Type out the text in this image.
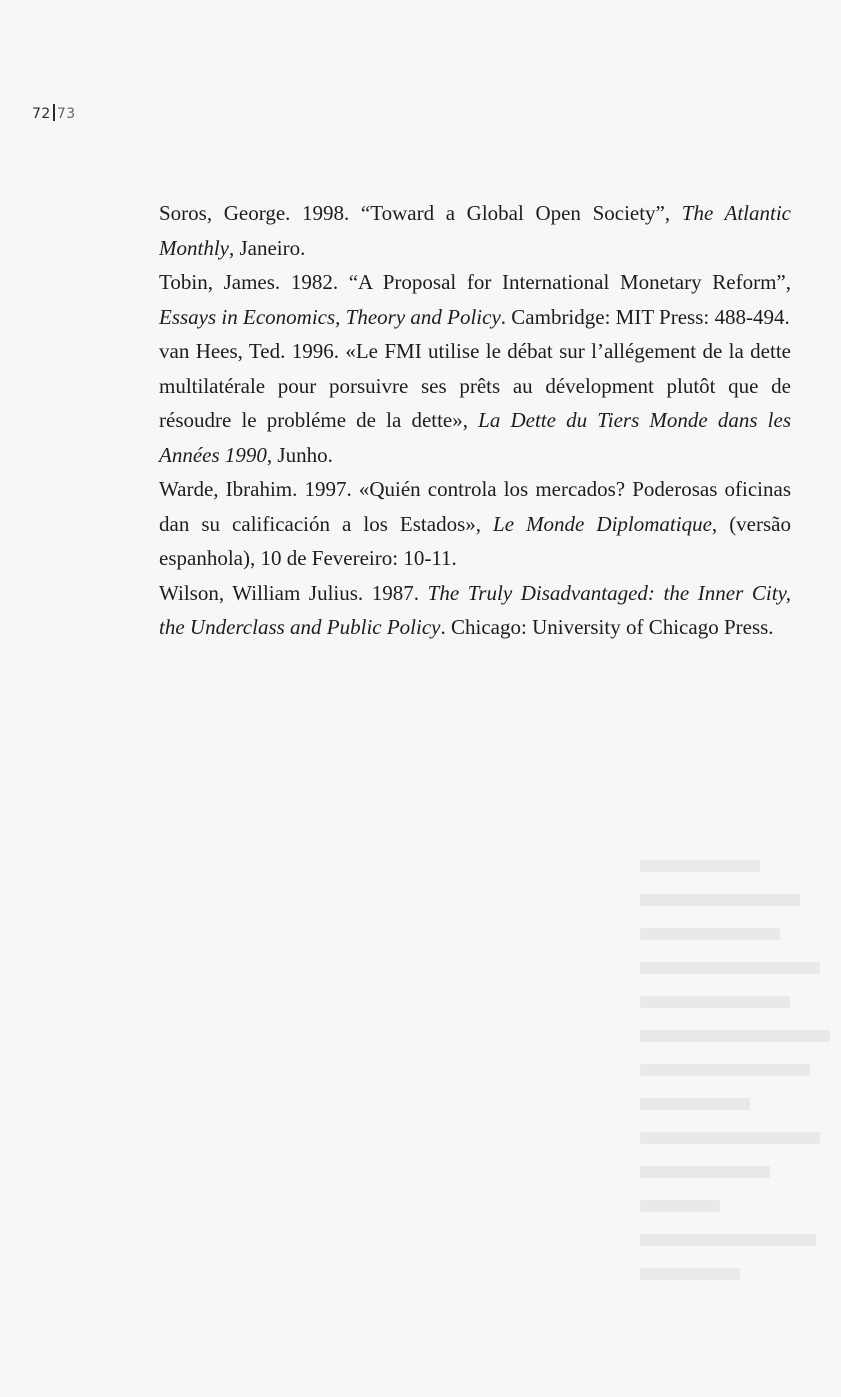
72 73

Soros, George. 1998. “Toward a Global Open Society”, The Atlantic Monthly, Janeiro.

Tobin, James. 1982. “A Proposal for International Monetary Reform”, Essays in Economics, Theory and Policy. Cambridge: MIT Press: 488-494.

van Hees, Ted. 1996. «Le FMI utilise le débat sur l’allégement de la dette multilatérale pour porsuivre ses prêts au dévelopment plutôt que de résoudre le probléme de la dette», La Dette du Tiers Monde dans les Années 1990, Junho.

Warde, Ibrahim. 1997. «Quién controla los mercados? Poderosas oficinas dan su calificación a los Estados», Le Monde Diplomatique, (versão espanhola), 10 de Fevereiro: 10-11.

Wilson, William Julius. 1987. The Truly Disadvantaged: the Inner City, the Underclass and Public Policy. Chicago: University of Chicago Press.
